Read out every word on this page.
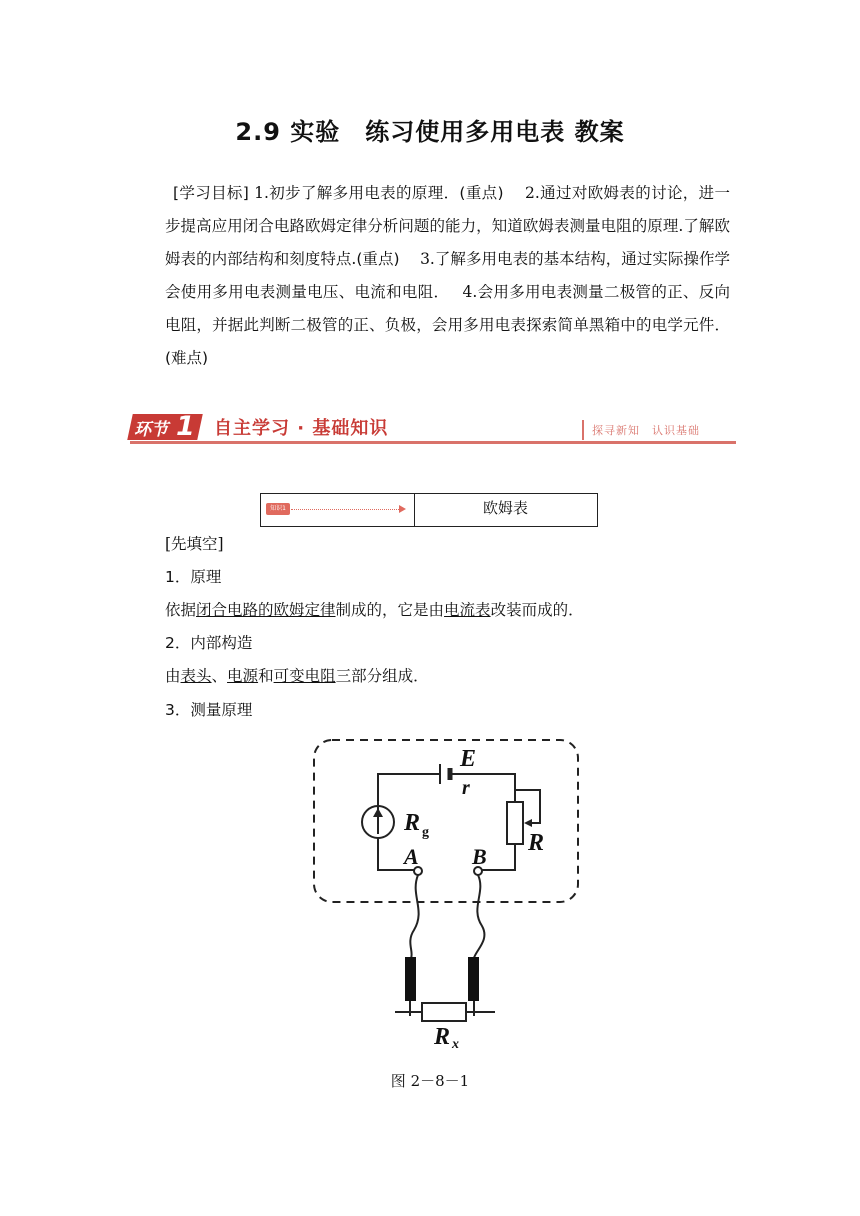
2.9 实验　练习使用多用电表 教案
[学习目标] 1.初步了解多用电表的原理．(重点)　 2.通过对欧姆表的讨论，进一步提高应用闭合电路欧姆定律分析问题的能力，知道欧姆表测量电阻的原理.了解欧姆表的内部结构和刻度特点.(重点)　 3.了解多用电表的基本结构，通过实际操作学会使用多用电表测量电压、电流和电阻．　 4.会用多用电表测量二极管的正、反向电阻，并据此判断二极管的正、负极，会用多用电表探索简单黑箱中的电学元件．(难点)
环节 1 自主学习 · 基础知识	探寻新知　认识基础
知识1	欧姆表
[先填空]
1．原理
依据闭合电路的欧姆定律制成的，它是由电流表改装而成的．
2．内部构造
由表头、电源和可变电阻三部分组成．
3．测量原理
E
r
R g	R
A B
R x
图 2－8－1
